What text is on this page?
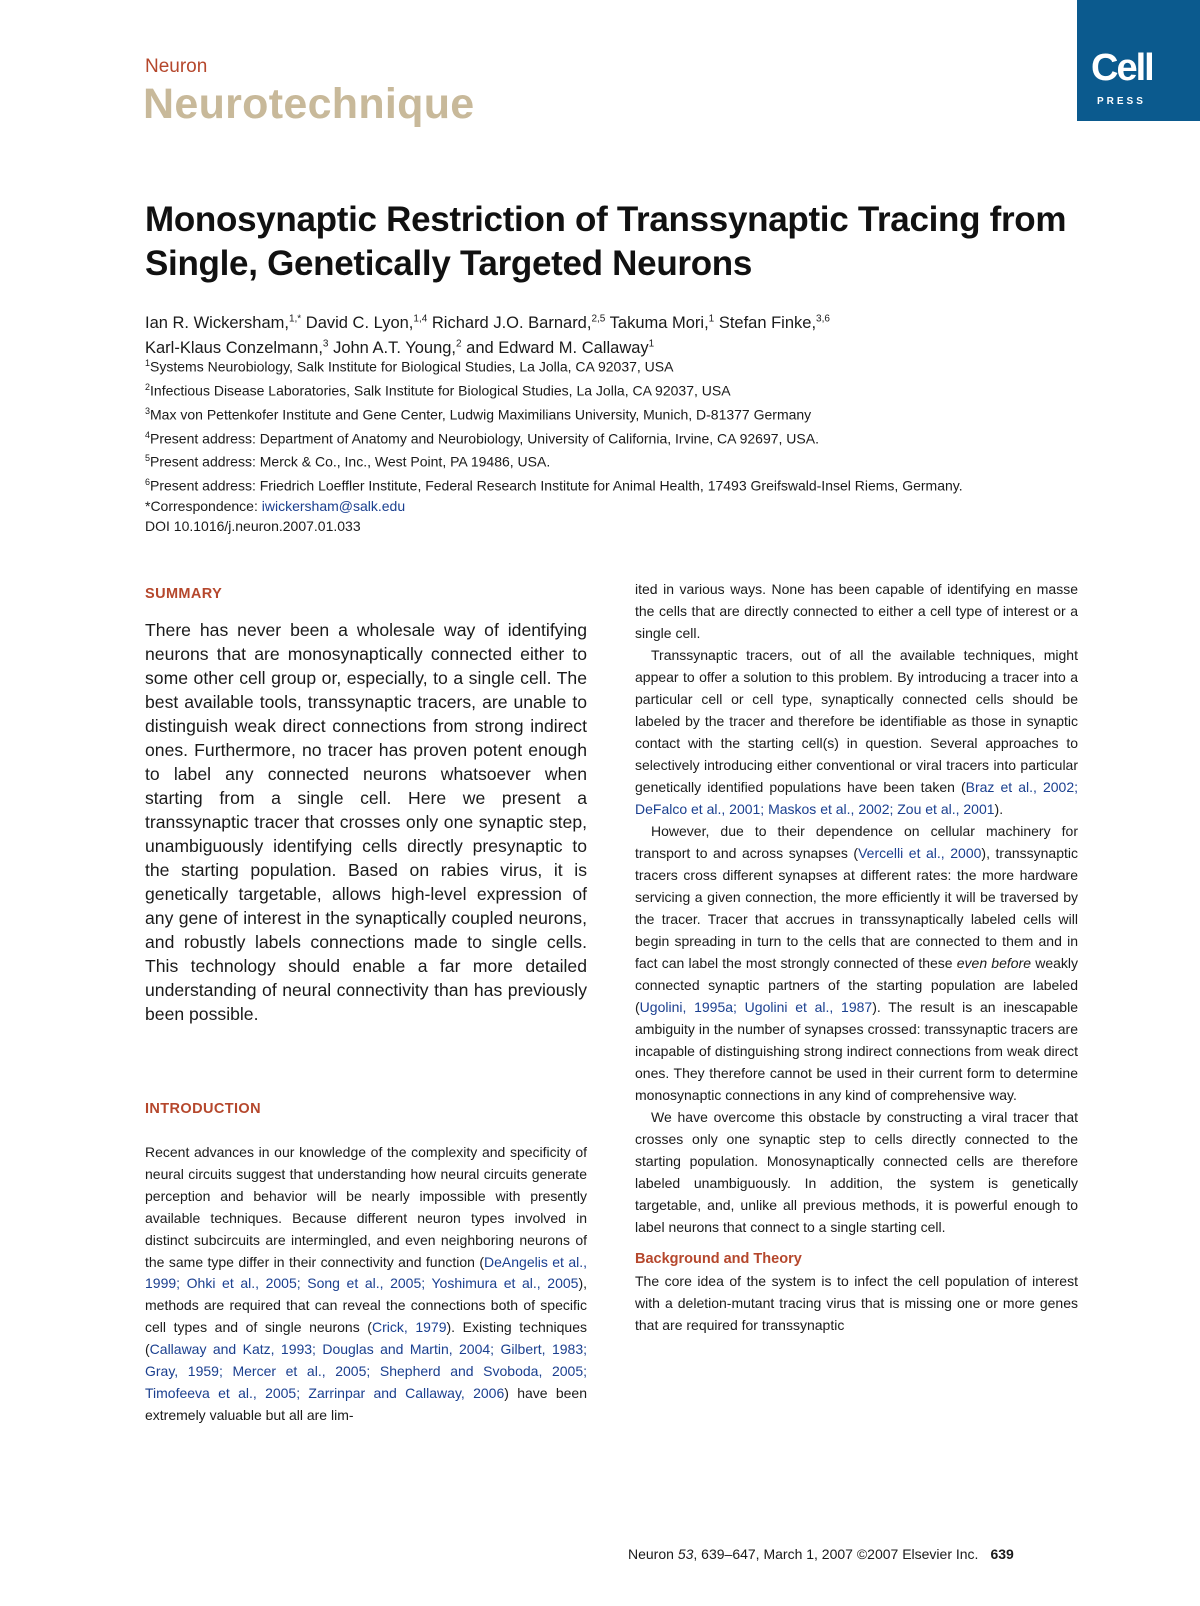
Neuron
Neurotechnique
Cell
PRESS
Monosynaptic Restriction of Transsynaptic Tracing from Single, Genetically Targeted Neurons
Ian R. Wickersham,$^{1,*}$ David C. Lyon,$^{1,4}$ Richard J.O. Barnard,$^{2,5}$ Takuma Mori,$^1$ Stefan Finke,$^{3,6}$
Karl-Klaus Conzelmann,$^3$ John A.T. Young,$^2$ and Edward M. Callaway$^1$

$^1$Systems Neurobiology, Salk Institute for Biological Studies, La Jolla, CA 92037, USA

$^2$Infectious Disease Laboratories, Salk Institute for Biological Studies, La Jolla, CA 92037, USA

$^3$Max von Pettenkofer Institute and Gene Center, Ludwig Maximilians University, Munich, D-81377 Germany

$^4$Present address: Department of Anatomy and Neurobiology, University of California, Irvine, CA 92697, USA.

$^5$Present address: Merck & Co., Inc., West Point, PA 19486, USA.

$^6$Present address: Friedrich Loeffler Institute, Federal Research Institute for Animal Health, 17493 Greifswald-Insel Riems, Germany.

*Correspondence: iwickersham@salk.edu

DOI 10.1016/j.neuron.2007.01.033

SUMMARY

There has never been a wholesale way of identifying neurons that are monosynaptically connected either to some other cell group or, especially, to a single cell. The best available tools, transsynaptic tracers, are unable to distinguish weak direct connections from strong indirect ones. Furthermore, no tracer has proven potent enough to label any connected neurons whatsoever when starting from a single cell. Here we present a transsynaptic tracer that crosses only one synaptic step, unambiguously identifying cells directly presynaptic to the starting population. Based on rabies virus, it is genetically targetable, allows high-level expression of any gene of interest in the synaptically coupled neurons, and robustly labels connections made to single cells. This technology should enable a far more detailed understanding of neural connectivity than has previously been possible.

INTRODUCTION

Recent advances in our knowledge of the complexity and specificity of neural circuits suggest that understanding how neural circuits generate perception and behavior will be nearly impossible with presently available techniques. Because different neuron types involved in distinct subcircuits are intermingled, and even neighboring neurons of the same type differ in their connectivity and function (DeAngelis et al., 1999; Ohki et al., 2005; Song et al., 2005; Yoshimura et al., 2005), methods are required that can reveal the connections both of specific cell types and of single neurons (Crick, 1979). Existing techniques (Callaway and Katz, 1993; Douglas and Martin, 2004; Gilbert, 1983; Gray, 1959; Mercer et al., 2005; Shepherd and Svoboda, 2005; Timofeeva et al., 2005; Zarrinpar and Callaway, 2006) have been extremely valuable but all are lim-

ited in various ways. None has been capable of identifying en masse the cells that are directly connected to either a cell type of interest or a single cell.

Transsynaptic tracers, out of all the available techniques, might appear to offer a solution to this problem. By introducing a tracer into a particular cell or cell type, synaptically connected cells should be labeled by the tracer and therefore be identifiable as those in synaptic contact with the starting cell(s) in question. Several approaches to selectively introducing either conventional or viral tracers into particular genetically identified populations have been taken (Braz et al., 2002; DeFalco et al., 2001; Maskos et al., 2002; Zou et al., 2001).

However, due to their dependence on cellular machinery for transport to and across synapses (Vercelli et al., 2000), transsynaptic tracers cross different synapses at different rates: the more hardware servicing a given connection, the more efficiently it will be traversed by the tracer. Tracer that accrues in transsynaptically labeled cells will begin spreading in turn to the cells that are connected to them and in fact can label the most strongly connected of these even before weakly connected synaptic partners of the starting population are labeled (Ugolini, 1995a; Ugolini et al., 1987). The result is an inescapable ambiguity in the number of synapses crossed: transsynaptic tracers are incapable of distinguishing strong indirect connections from weak direct ones. They therefore cannot be used in their current form to determine monosynaptic connections in any kind of comprehensive way.

We have overcome this obstacle by constructing a viral tracer that crosses only one synaptic step to cells directly connected to the starting population. Monosynaptically connected cells are therefore labeled unambiguously. In addition, the system is genetically targetable, and, unlike all previous methods, it is powerful enough to label neurons that connect to a single starting cell.

Background and Theory

The core idea of the system is to infect the cell population of interest with a deletion-mutant tracing virus that is missing one or more genes that are required for transsynaptic

Neuron 53, 639–647, March 1, 2007 ©2007 Elsevier Inc. 639
